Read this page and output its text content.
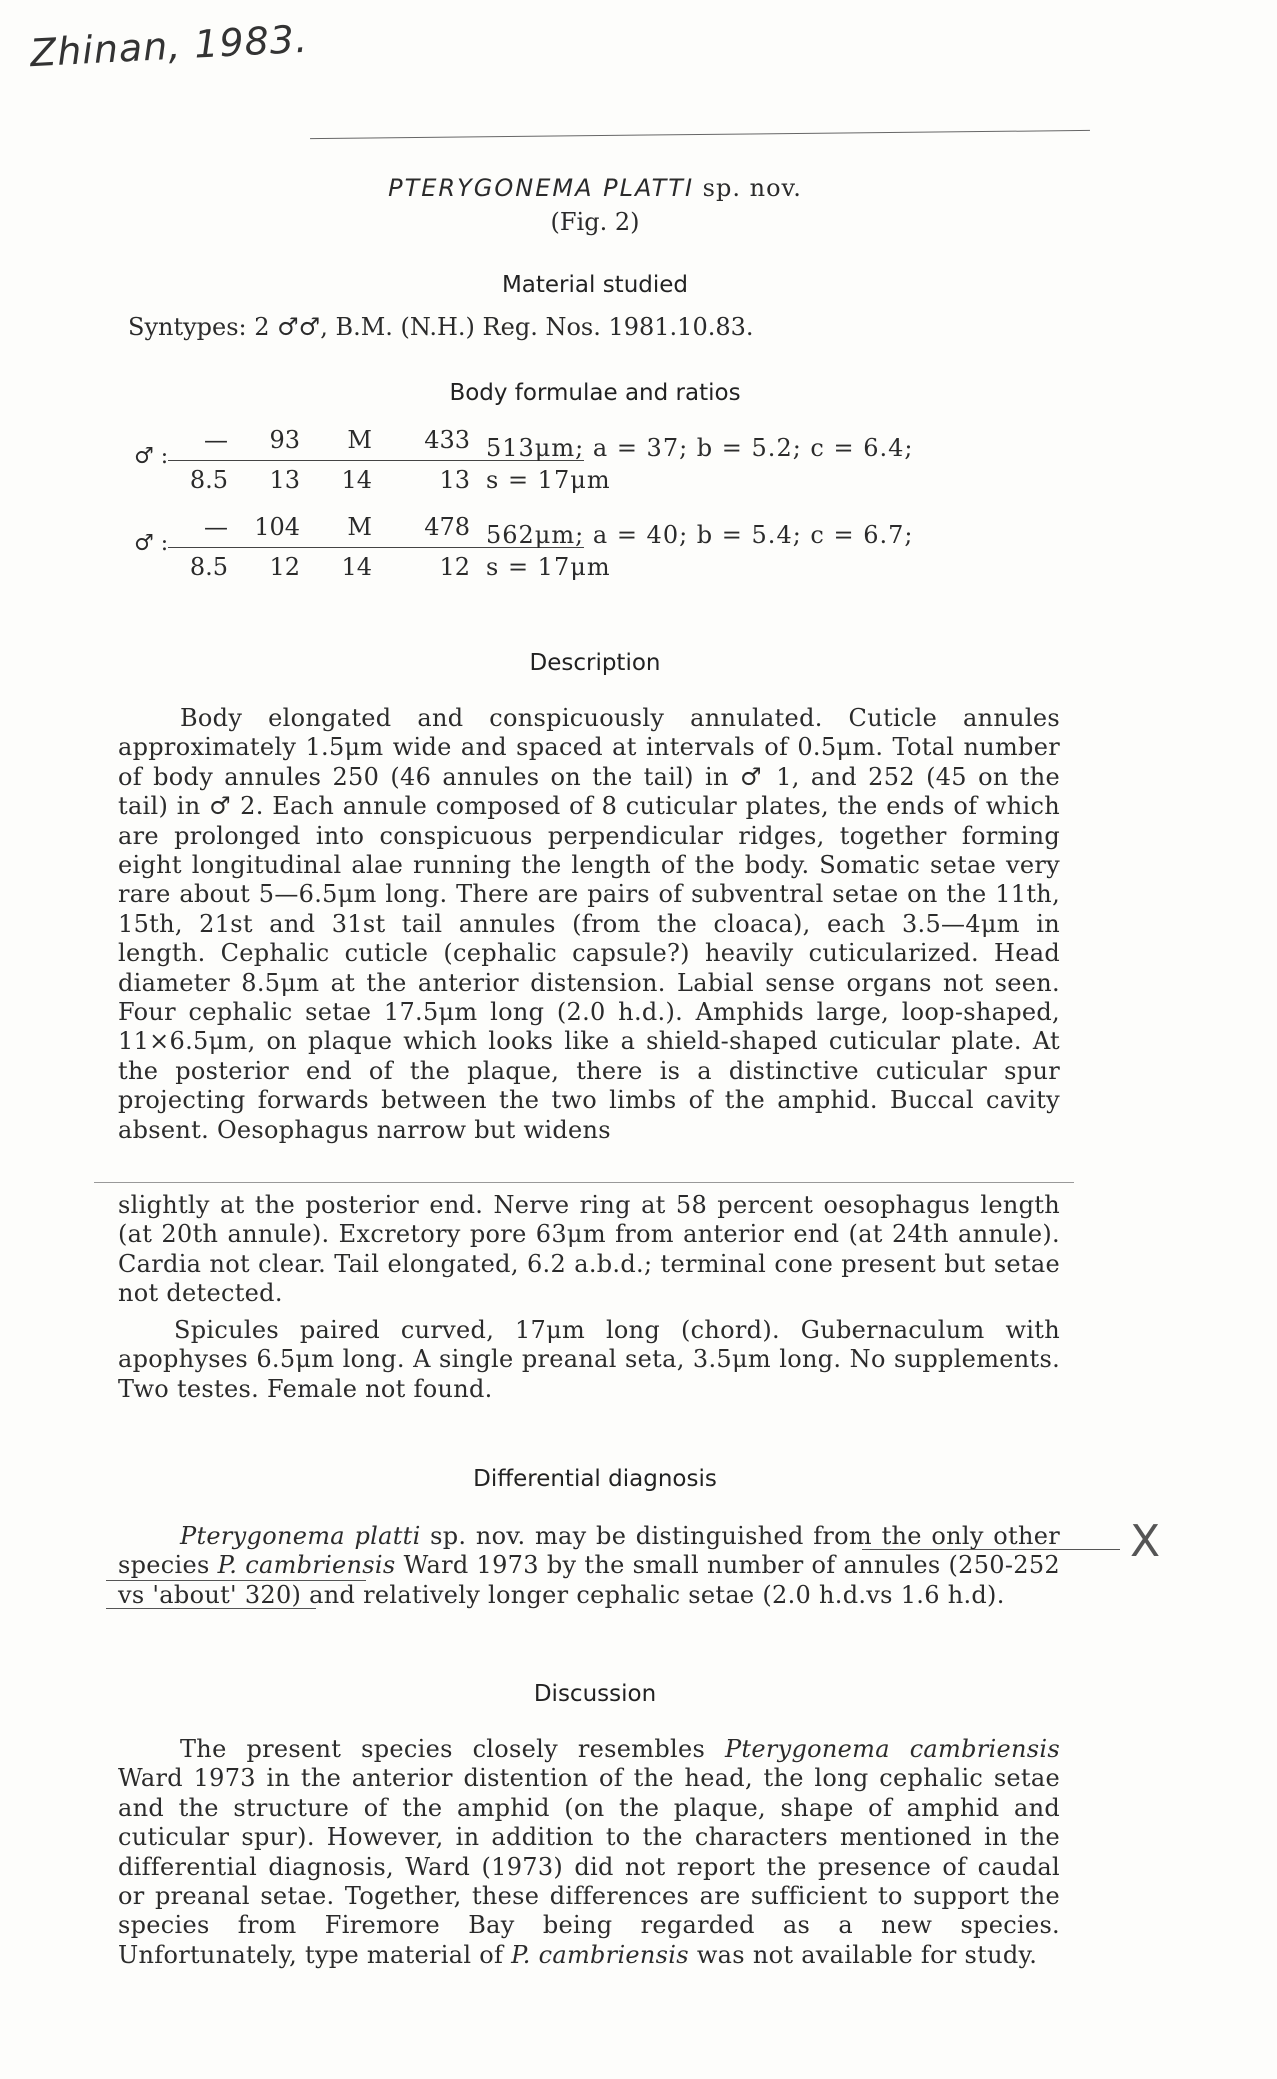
Zhinan, 1983.
PTERYGONEMA PLATTI sp. nov.
(Fig. 2)
Material studied
Syntypes: 2 ♂♂, B.M. (N.H.) Reg. Nos. 1981.10.83.
Body formulae and ratios
♂ :
—	93	M	433
8.5	13	14	13
513μm; a = 37; b = 5.2; c = 6.4;
s = 17μm
♂ :
—	104	M	478
8.5	12	14	12
562μm; a = 40; b = 5.4; c = 6.7;
s = 17μm
Description

Body elongated and conspicuously annulated. Cuticle annules approximately 1.5μm wide and spaced at intervals of 0.5μm. Total number of body annules 250 (46 annules on the tail) in ♂ 1, and 252 (45 on the tail) in ♂ 2. Each annule composed of 8 cuticular plates, the ends of which are prolonged into conspicuous perpendicular ridges, together forming eight longitudinal alae running the length of the body. Somatic setae very rare about 5—6.5μm long. There are pairs of subventral setae on the 11th, 15th, 21st and 31st tail annules (from the cloaca), each 3.5—4μm in length. Cephalic cuticle (cephalic capsule?) heavily cuticularized. Head diameter 8.5μm at the anterior distension. Labial sense organs not seen. Four cephalic setae 17.5μm long (2.0 h.d.). Amphids large, loop-shaped, 11×6.5μm, on plaque which looks like a shield-shaped cuticular plate. At the posterior end of the plaque, there is a distinctive cuticular spur projecting forwards between the two limbs of the amphid. Buccal cavity absent. Oesophagus narrow but widens

slightly at the posterior end. Nerve ring at 58 percent oesophagus length (at 20th annule). Excretory pore 63μm from anterior end (at 24th annule). Cardia not clear. Tail elongated, 6.2 a.b.d.; terminal cone present but setae not detected.

Spicules paired curved, 17μm long (chord). Gubernaculum with apophyses 6.5μm long. A single preanal seta, 3.5μm long. No supplements. Two testes. Female not found.

Differential diagnosis

Pterygonema platti sp. nov. may be distinguished from the only other species P. cambriensis Ward 1973 by the small number of annules (250-252 vs 'about' 320) and relatively longer cephalic setae (2.0 h.d.vs 1.6 h.d).

X
Discussion

The present species closely resembles Pterygonema cambriensis Ward 1973 in the anterior distention of the head, the long cephalic setae and the structure of the amphid (on the plaque, shape of amphid and cuticular spur). However, in addition to the characters mentioned in the differential diagnosis, Ward (1973) did not report the presence of caudal or preanal setae. Together, these differences are sufficient to support the species from Firemore Bay being regarded as a new species. Unfortunately, type material of P. cambriensis was not available for study.
